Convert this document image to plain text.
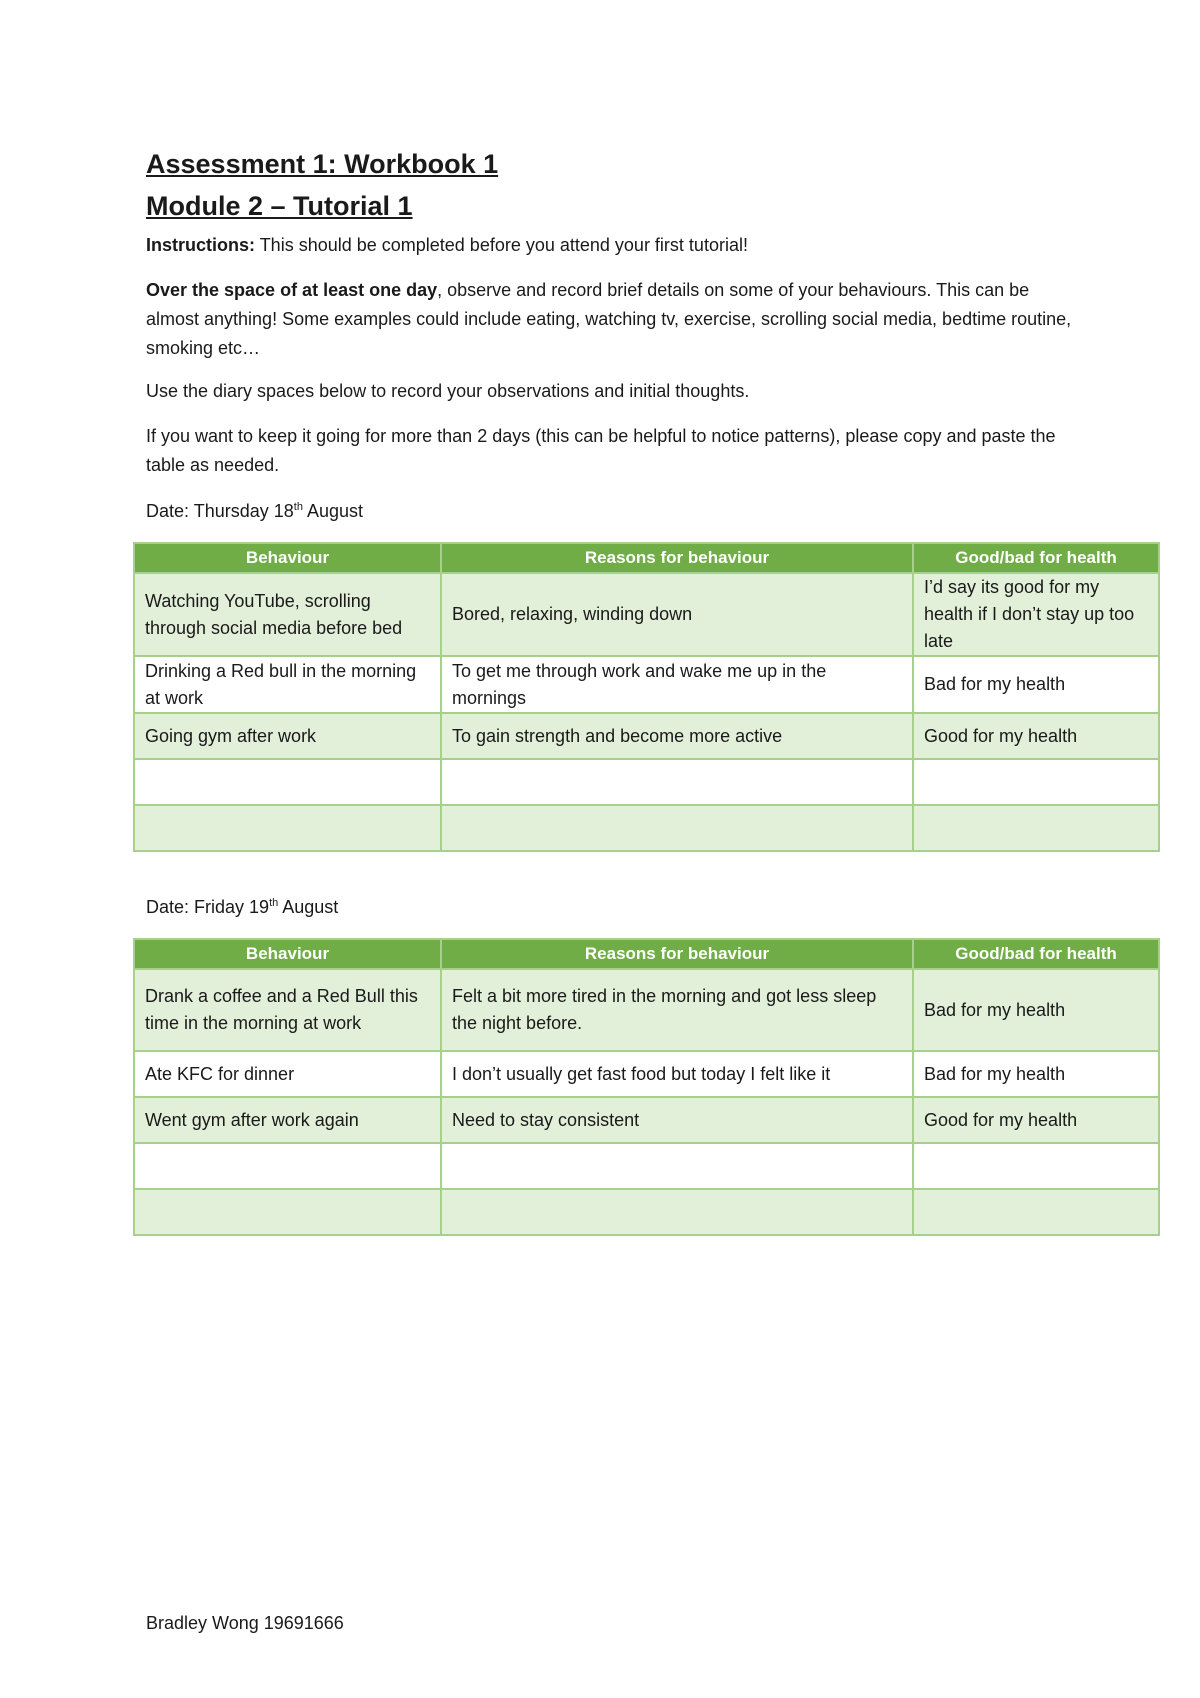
Assessment 1: Workbook 1
Module 2 – Tutorial 1

Instructions: This should be completed before you attend your first tutorial!

Over the space of at least one day, observe and record brief details on some of your behaviours. This can be almost anything! Some examples could include eating, watching tv, exercise, scrolling social media, bedtime routine, smoking etc…

Use the diary spaces below to record your observations and initial thoughts.

If you want to keep it going for more than 2 days (this can be helpful to notice patterns), please copy and paste the table as needed.

Date: Thursday 18th August

Behaviour	Reasons for behaviour	Good/bad for health
Watching YouTube, scrolling through social media before bed	Bored, relaxing, winding down	I’d say its good for my health if I don’t stay up too late
Drinking a Red bull in the morning at work	To get me through work and wake me up in the mornings	Bad for my health
Going gym after work	To gain strength and become more active	Good for my health

Date: Friday 19th August

Behaviour	Reasons for behaviour	Good/bad for health
Drank a coffee and a Red Bull this time in the morning at work	Felt a bit more tired in the morning and got less sleep the night before.	Bad for my health
Ate KFC for dinner	I don’t usually get fast food but today I felt like it	Bad for my health
Went gym after work again	Need to stay consistent	Good for my health

Bradley Wong 19691666
